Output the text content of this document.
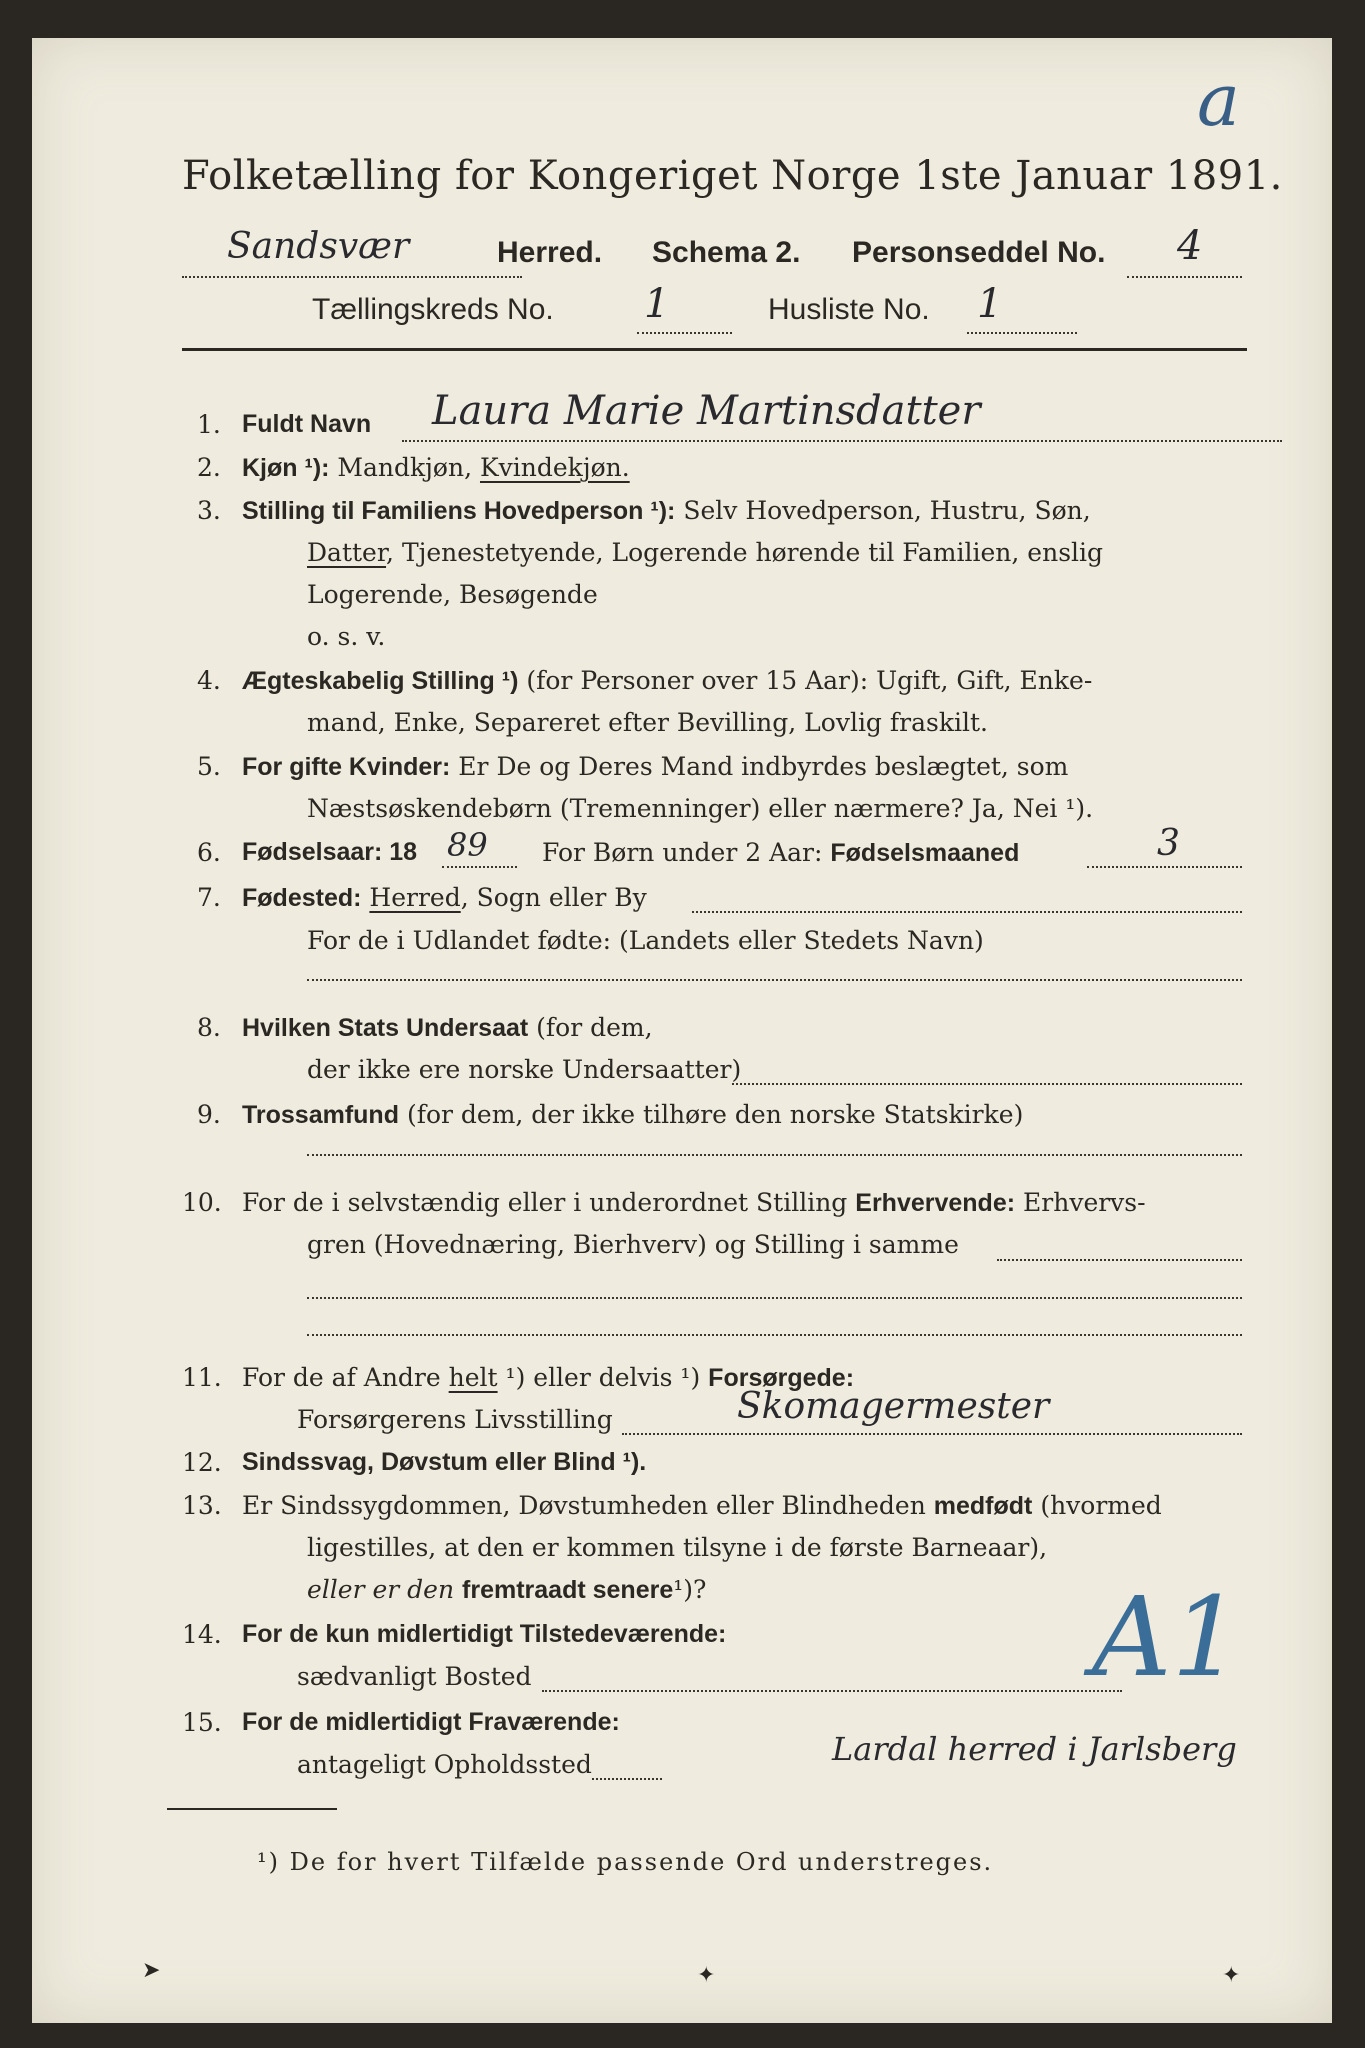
a
Folketælling for Kongeriget Norge 1ste Januar 1891.
Sandsvær	Herred. Schema 2. Personseddel No. 4
Tællingskreds No. 1	Husliste No. 1
1. Fuldt Navn Laura Marie Martinsdatter
2. Kjøn ¹): Mandkjøn, Kvindekjøn.
3. Stilling til Familiens Hovedperson ¹): Selv Hovedperson, Hustru, Søn,
Datter, Tjenestetyende, Logerende hørende til Familien, enslig
Logerende, Besøgende
o. s. v.
4. Ægteskabelig Stilling ¹) (for Personer over 15 Aar): Ugift, Gift, Enke-
mand, Enke, Separeret efter Bevilling, Lovlig fraskilt.
5. For gifte Kvinder: Er De og Deres Mand indbyrdes beslægtet, som
Næstsøskendebørn (Tremenninger) eller nærmere? Ja, Nei ¹).
6. Fødselsaar: 18 89 For Børn under 2 Aar: Fødselsmaaned	3
7. Fødested: Herred, Sogn eller By
For de i Udlandet fødte: (Landets eller Stedets Navn)
8. Hvilken Stats Undersaat (for dem,
der ikke ere norske Undersaatter)
9. Trossamfund (for dem, der ikke tilhøre den norske Statskirke)
10. For de i selvstændig eller i underordnet Stilling Erhvervende: Erhvervs-
gren (Hovednæring, Bierhverv) og Stilling i samme
11. For de af Andre helt ¹) eller delvis ¹) Forsørgede:
Forsørgerens Livsstilling	Skomagermester
12. Sindssvag, Døvstum eller Blind ¹).
13. Er Sindssygdommen, Døvstumheden eller Blindheden medfødt (hvormed
ligestilles, at den er kommen tilsyne i de første Barneaar),
eller er den fremtraadt senere¹)?
14. For de kun midlertidigt Tilstedeværende:
sædvanligt Bosted	A1
15. For de midlertidigt Fraværende:
antageligt Opholdssted	Lardal herred i Jarlsberg
¹) De for hvert Tilfælde passende Ord understreges.
➤	✦	✦
